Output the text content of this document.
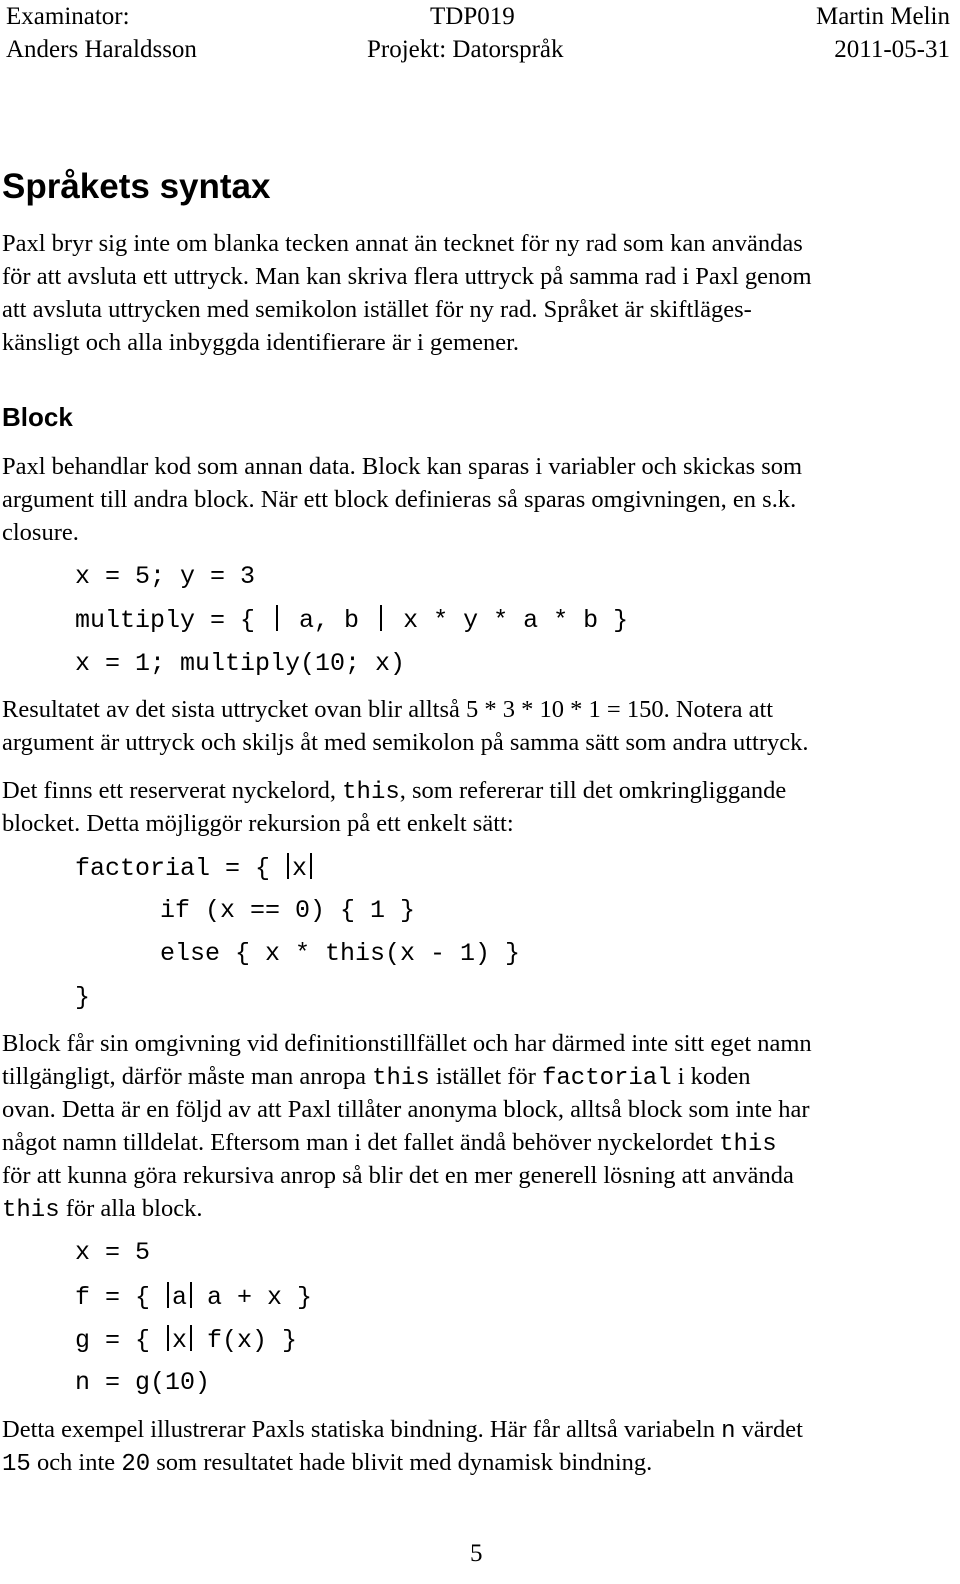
Examinator:
Anders Haraldsson
TDP019
Projekt: Datorspråk
Martin Melin
2011-05-31
Språkets syntax
Paxl bryr sig inte om blanka tecken annat än tecknet för ny rad som kan användas
för att avsluta ett uttryck. Man kan skriva flera uttryck på samma rad i Paxl genom
att avsluta uttrycken med semikolon istället för ny rad. Språket är skiftläges-
känsligt och alla inbyggda identifierare är i gemener.
Block
Paxl behandlar kod som annan data. Block kan sparas i variabler och skickas som
argument till andra block. När ett block definieras så sparas omgivningen, en s.k.
closure.
x = 5; y = 3
multiply = {  a, b  x * y * a * b }
x = 1; multiply(10; x)
Resultatet av det sista uttrycket ovan blir alltså 5 * 3 * 10 * 1 = 150. Notera att
argument är uttryck och skiljs åt med semikolon på samma sätt som andra uttryck.
Det finns ett reserverat nyckelord, this, som refererar till det omkringliggande
blocket. Detta möjliggör rekursion på ett enkelt sätt:
factorial = { x
if (x == 0) { 1 }
else { x * this(x - 1) }
}
Block får sin omgivning vid definitionstillfället och har därmed inte sitt eget namn
tillgängligt, därför måste man anropa this istället för factorial i koden
ovan. Detta är en följd av att Paxl tillåter anonyma block, alltså block som inte har
något namn tilldelat. Eftersom man i det fallet ändå behöver nyckelordet this
för att kunna göra rekursiva anrop så blir det en mer generell lösning att använda
this för alla block.
x = 5
f = { a a + x }
g = { x f(x) }
n = g(10)
Detta exempel illustrerar Paxls statiska bindning. Här får alltså variabeln n värdet
15 och inte 20 som resultatet hade blivit med dynamisk bindning.
5
